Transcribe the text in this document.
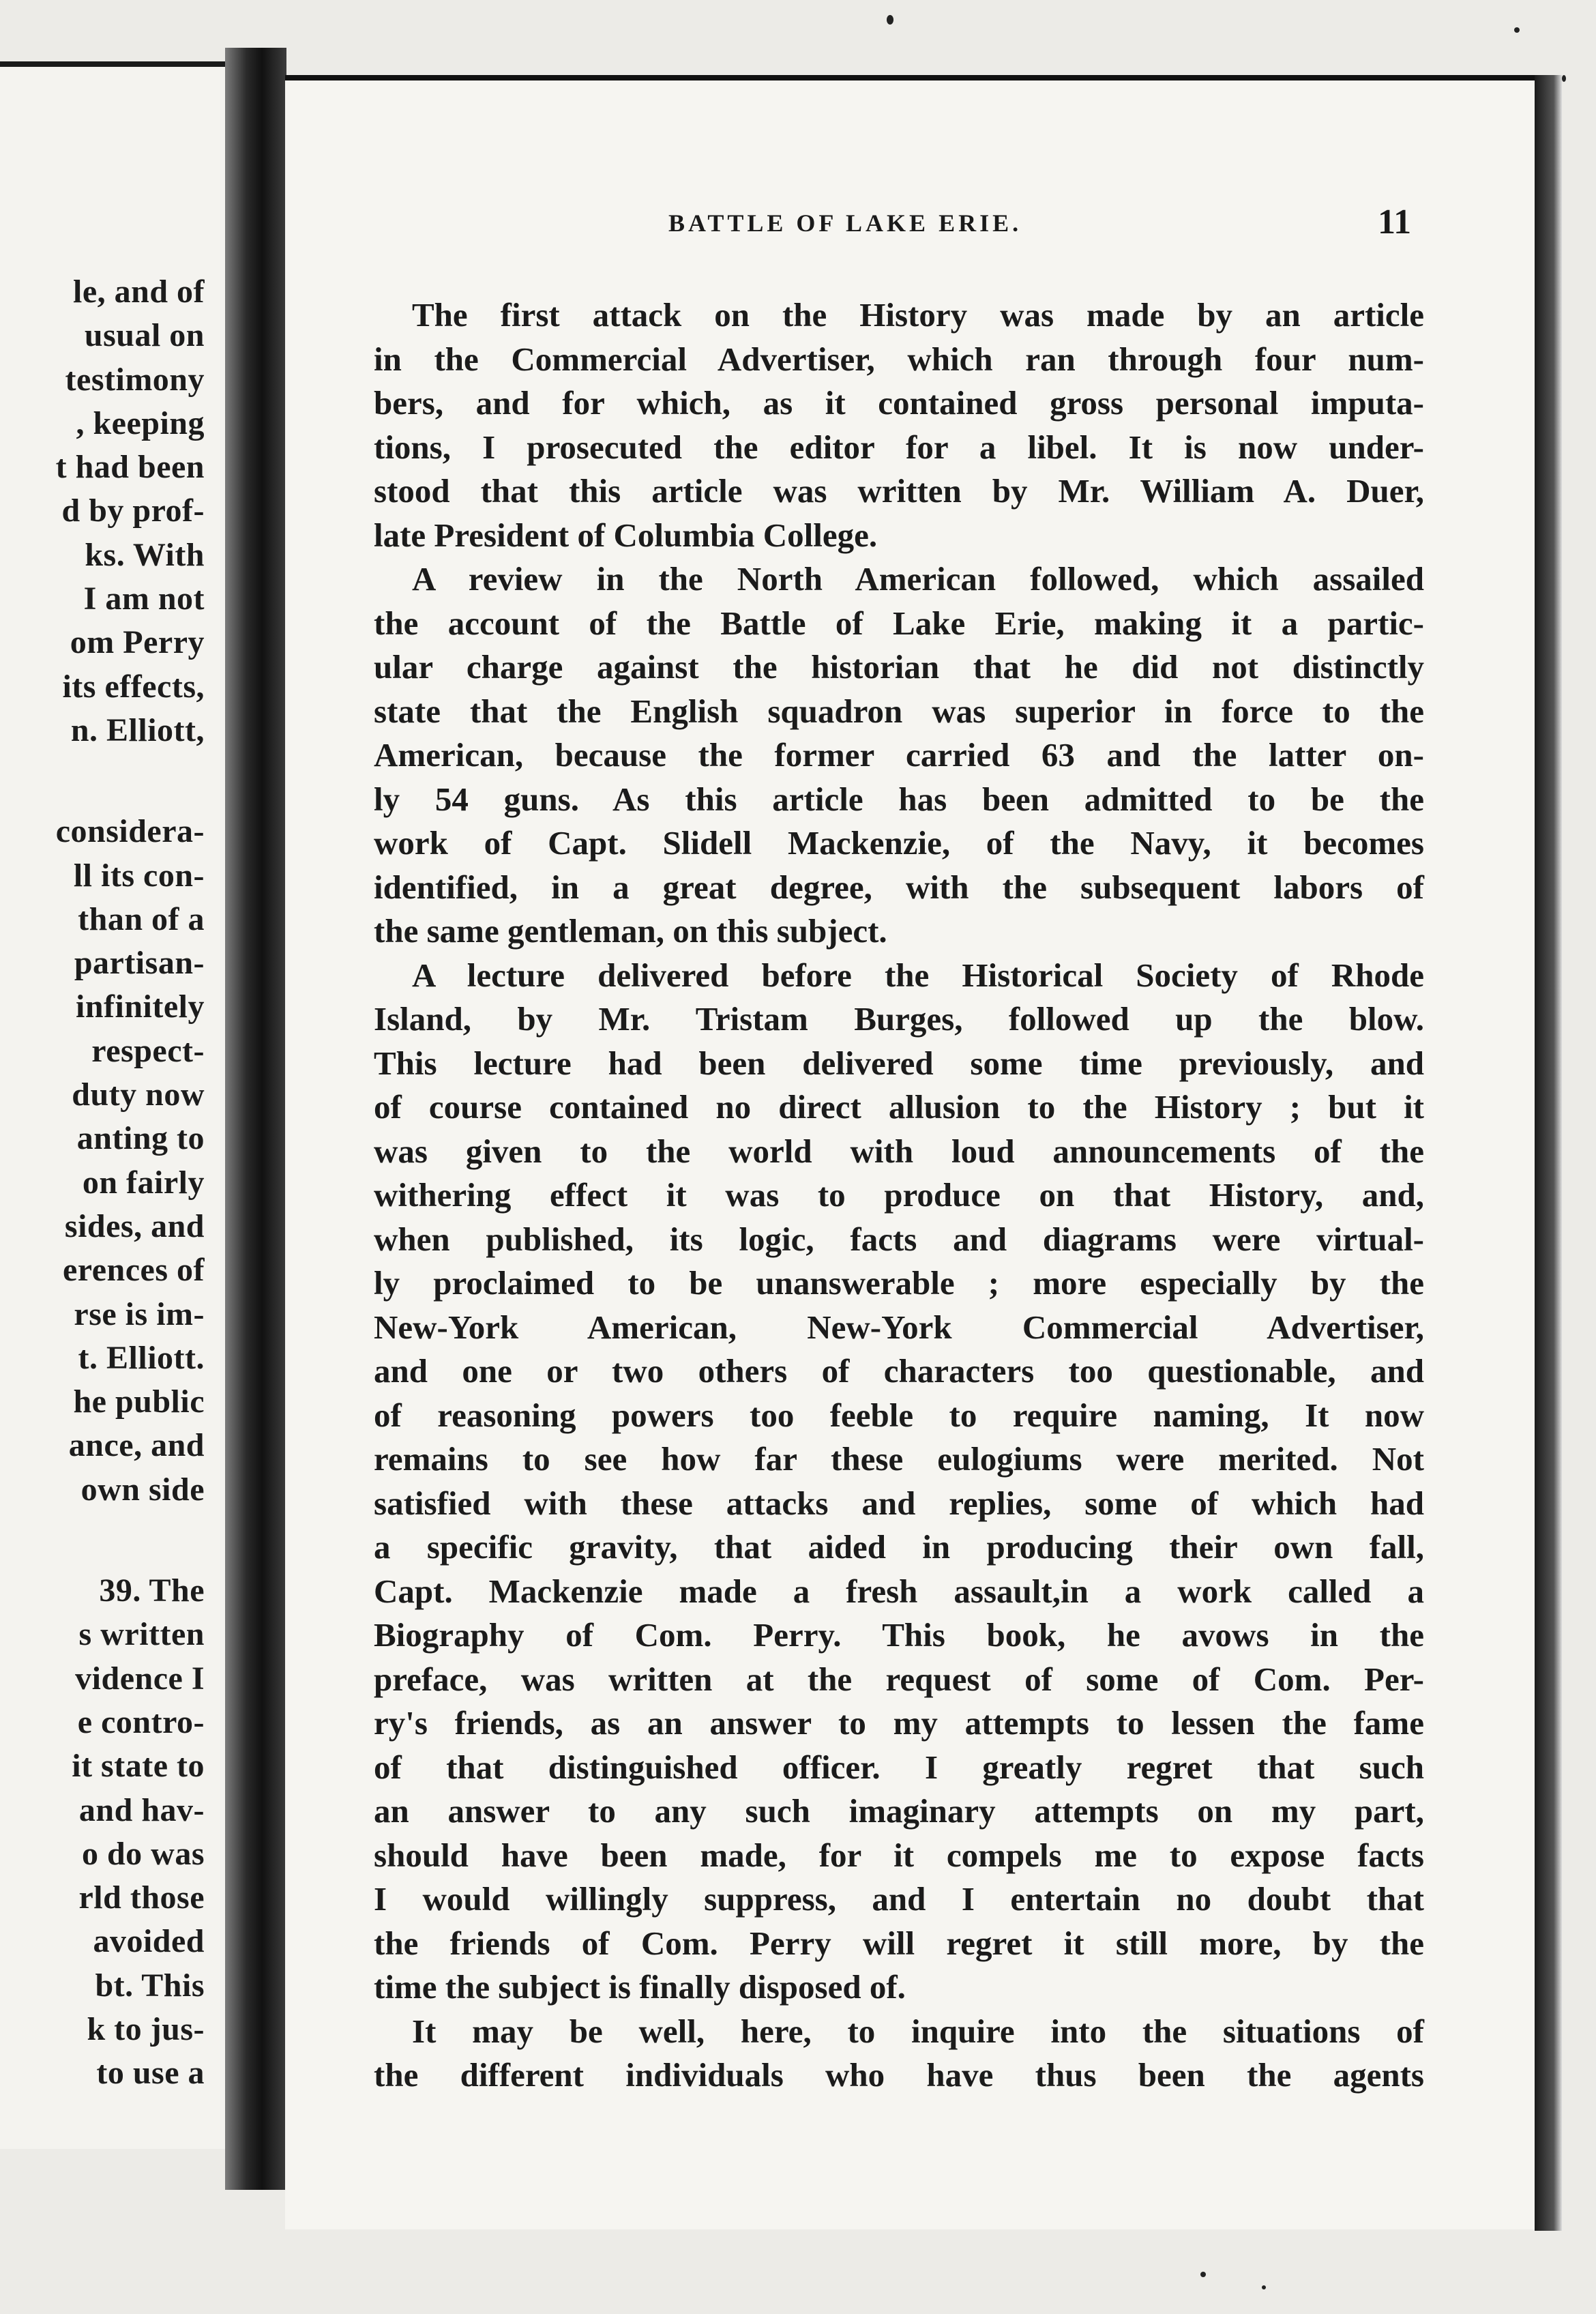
le, and of
usual on
testimony
, keeping
t had been
d by prof-
ks. With
I am not
om Perry
its effects,
n. Elliott,
considera-
ll its con-
than of a
partisan-
infinitely
respect-
duty now
anting to
on fairly
sides, and
erences of
rse is im-
t. Elliott.
he public
ance, and
own side
39. The
s written
vidence I
e contro-
it state to
and hav-
o do was
rld those
avoided
bt. This
k to jus-
to use a
BATTLE OF LAKE ERIE.	11
The first attack on the History was made by an article
in the Commercial Advertiser, which ran through four num-
bers, and for which, as it contained gross personal imputa-
tions, I prosecuted the editor for a libel. It is now under-
stood that this article was written by Mr. William A. Duer,
late President of Columbia College.
A review in the North American followed, which assailed
the account of the Battle of Lake Erie, making it a partic-
ular charge against the historian that he did not distinctly
state that the English squadron was superior in force to the
American, because the former carried 63 and the latter on-
ly 54 guns. As this article has been admitted to be the
work of Capt. Slidell Mackenzie, of the Navy, it becomes
identified, in a great degree, with the subsequent labors of
the same gentleman, on this subject.
A lecture delivered before the Historical Society of Rhode
Island, by Mr. Tristam Burges, followed up the blow.
This lecture had been delivered some time previously, and
of course contained no direct allusion to the History ; but it
was given to the world with loud announcements of the
withering effect it was to produce on that History, and,
when published, its logic, facts and diagrams were virtual-
ly proclaimed to be unanswerable ; more especially by the
New-York American, New-York Commercial Advertiser,
and one or two others of characters too questionable, and
of reasoning powers too feeble to require naming, It now
remains to see how far these eulogiums were merited. Not
satisfied with these attacks and replies, some of which had
a specific gravity, that aided in producing their own fall,
Capt. Mackenzie made a fresh assault,in a work called a
Biography of Com. Perry. This book, he avows in the
preface, was written at the request of some of Com. Per-
ry's friends, as an answer to my attempts to lessen the fame
of that distinguished officer. I greatly regret that such
an answer to any such imaginary attempts on my part,
should have been made, for it compels me to expose facts
I would willingly suppress, and I entertain no doubt that
the friends of Com. Perry will regret it still more, by the
time the subject is finally disposed of.
It may be well, here, to inquire into the situations of
the different individuals who have thus been the agents
